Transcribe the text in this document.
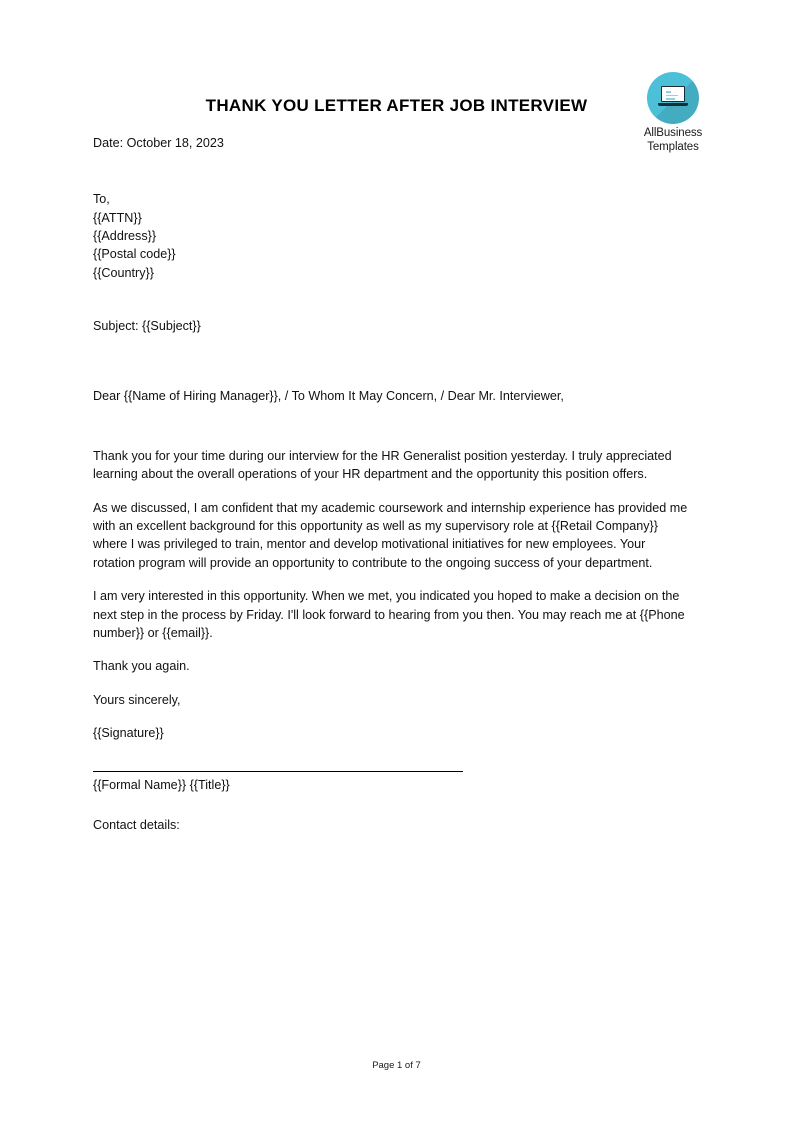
AllBusiness
Templates
THANK YOU LETTER AFTER JOB INTERVIEW
Date: October 18, 2023
To,
{{ATTN}}
{{Address}}
{{Postal code}}
{{Country}}
Subject: {{Subject}}
Dear {{Name of Hiring Manager}}, / To Whom It May Concern, / Dear Mr. Interviewer,
Thank you for your time during our interview for the HR Generalist position yesterday. I truly appreciated learning about the overall operations of your HR department and the opportunity this position offers.
As we discussed, I am confident that my academic coursework and internship experience has provided me with an excellent background for this opportunity as well as my supervisory role at {{Retail Company}} where I was privileged to train, mentor and develop motivational initiatives for new employees. Your rotation program will provide an opportunity to contribute to the ongoing success of your department.
I am very interested in this opportunity. When we met, you indicated you hoped to make a decision on the next step in the process by Friday. I'll look forward to hearing from you then. You may reach me at {{Phone number}} or {{email}}.
Thank you again.
Yours sincerely,
{{Signature}}
{{Formal Name}} {{Title}}
Contact details:
Page 1 of 7
